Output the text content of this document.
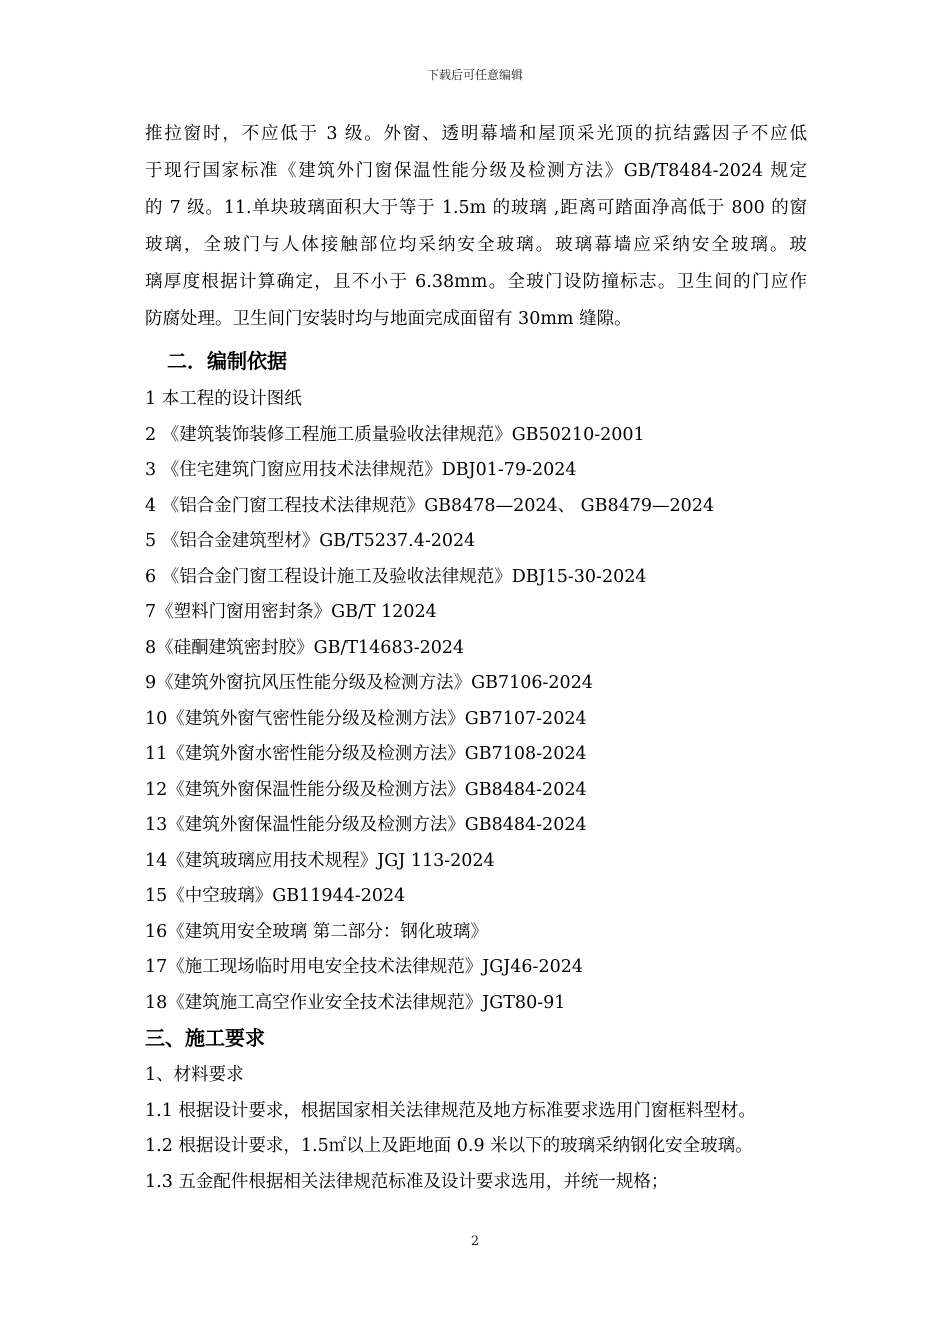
下载后可任意编辑
推拉窗时，不应低于 3 级。外窗、透明幕墙和屋顶采光顶的抗结露因子不应低
于现行国家标准《建筑外门窗保温性能分级及检测方法》GB/T8484-2024 规定
的 7 级。11.单块玻璃面积大于等于 1.5m 的玻璃 ,距离可踏面净高低于 800 的窗
玻璃，全玻门与人体接触部位均采纳安全玻璃。玻璃幕墙应采纳安全玻璃。玻
璃厚度根据计算确定，且不小于 6.38mm。全玻门设防撞标志。卫生间的门应作
防腐处理。卫生间门安装时均与地面完成面留有 30mm 缝隙。
二．编制依据
1 本工程的设计图纸
2 《建筑装饰装修工程施工质量验收法律规范》GB50210-2001
3 《住宅建筑门窗应用技术法律规范》DBJ01-79-2024
4 《铝合金门窗工程技术法律规范》GB8478—2024、 GB8479—2024
5 《铝合金建筑型材》GB/T5237.4-2024
6 《铝合金门窗工程设计施工及验收法律规范》DBJ15-30-2024
7《塑料门窗用密封条》GB/T 12024
8《硅酮建筑密封胶》GB/T14683-2024
9《建筑外窗抗风压性能分级及检测方法》GB7106-2024
10《建筑外窗气密性能分级及检测方法》GB7107-2024
11《建筑外窗水密性能分级及检测方法》GB7108-2024
12《建筑外窗保温性能分级及检测方法》GB8484-2024
13《建筑外窗保温性能分级及检测方法》GB8484-2024
14《建筑玻璃应用技术规程》JGJ 113-2024
15《中空玻璃》GB11944-2024
16《建筑用安全玻璃 第二部分：钢化玻璃》
17《施工现场临时用电安全技术法律规范》JGJ46-2024
18《建筑施工高空作业安全技术法律规范》JGT80-91
三、施工要求
1、材料要求
1.1 根据设计要求，根据国家相关法律规范及地方标准要求选用门窗框料型材。
1.2 根据设计要求，1.5㎡以上及距地面 0.9 米以下的玻璃采纳钢化安全玻璃。
1.3 五金配件根据相关法律规范标准及设计要求选用，并统一规格；
2
